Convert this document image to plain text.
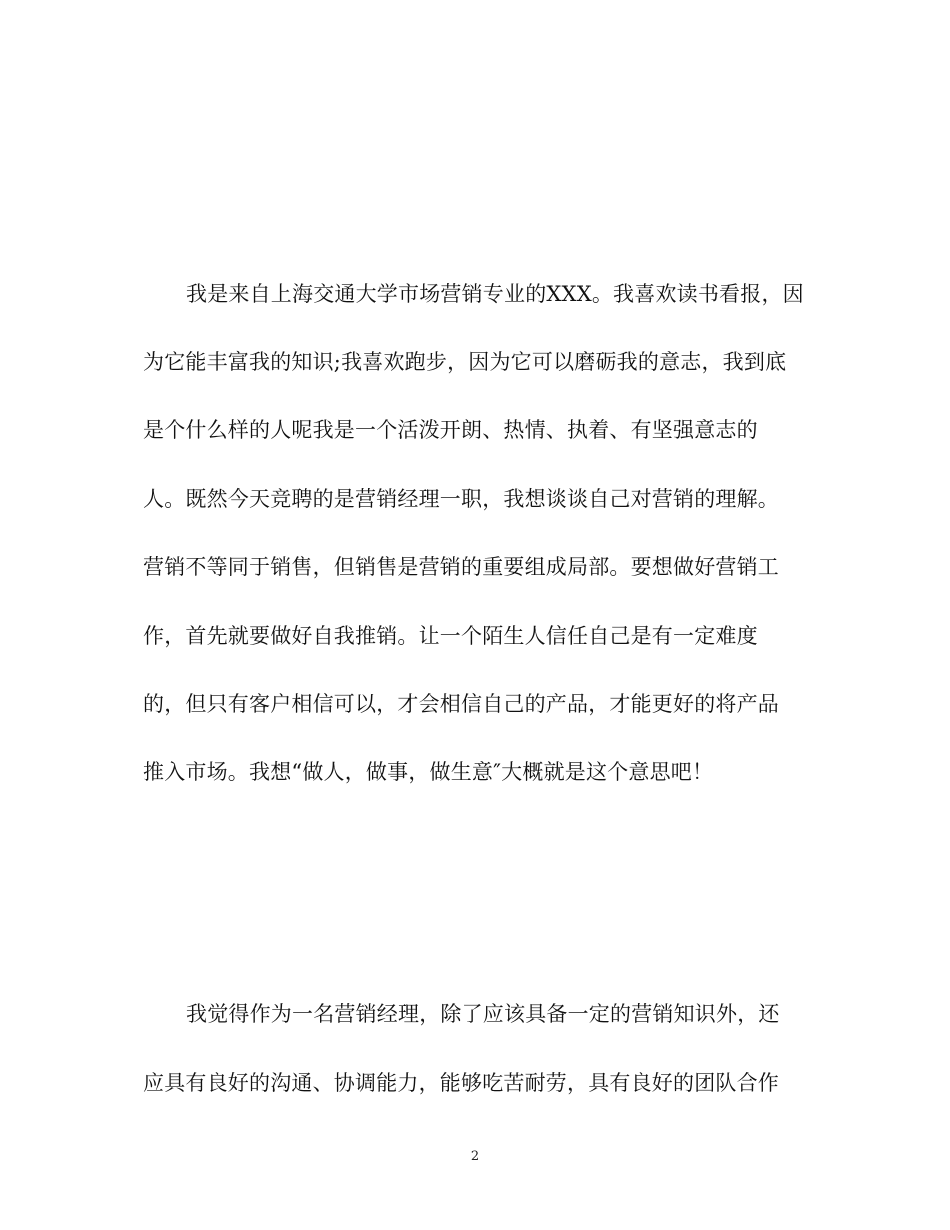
我是来自上海交通大学市场营销专业的XXX。我喜欢读书看报，因
为它能丰富我的知识;我喜欢跑步，因为它可以磨砺我的意志，我到底
是个什么样的人呢我是一个活泼开朗、热情、执着、有坚强意志的
人。既然今天竞聘的是营销经理一职，我想谈谈自己对营销的理解。
营销不等同于销售，但销售是营销的重要组成局部。要想做好营销工
作，首先就要做好自我推销。让一个陌生人信任自己是有一定难度
的，但只有客户相信可以，才会相信自己的产品，才能更好的将产品
推入市场。我想“做人，做事，做生意″大概就是这个意思吧！
我觉得作为一名营销经理，除了应该具备一定的营销知识外，还
应具有良好的沟通、协调能力，能够吃苦耐劳，具有良好的团队合作
2
